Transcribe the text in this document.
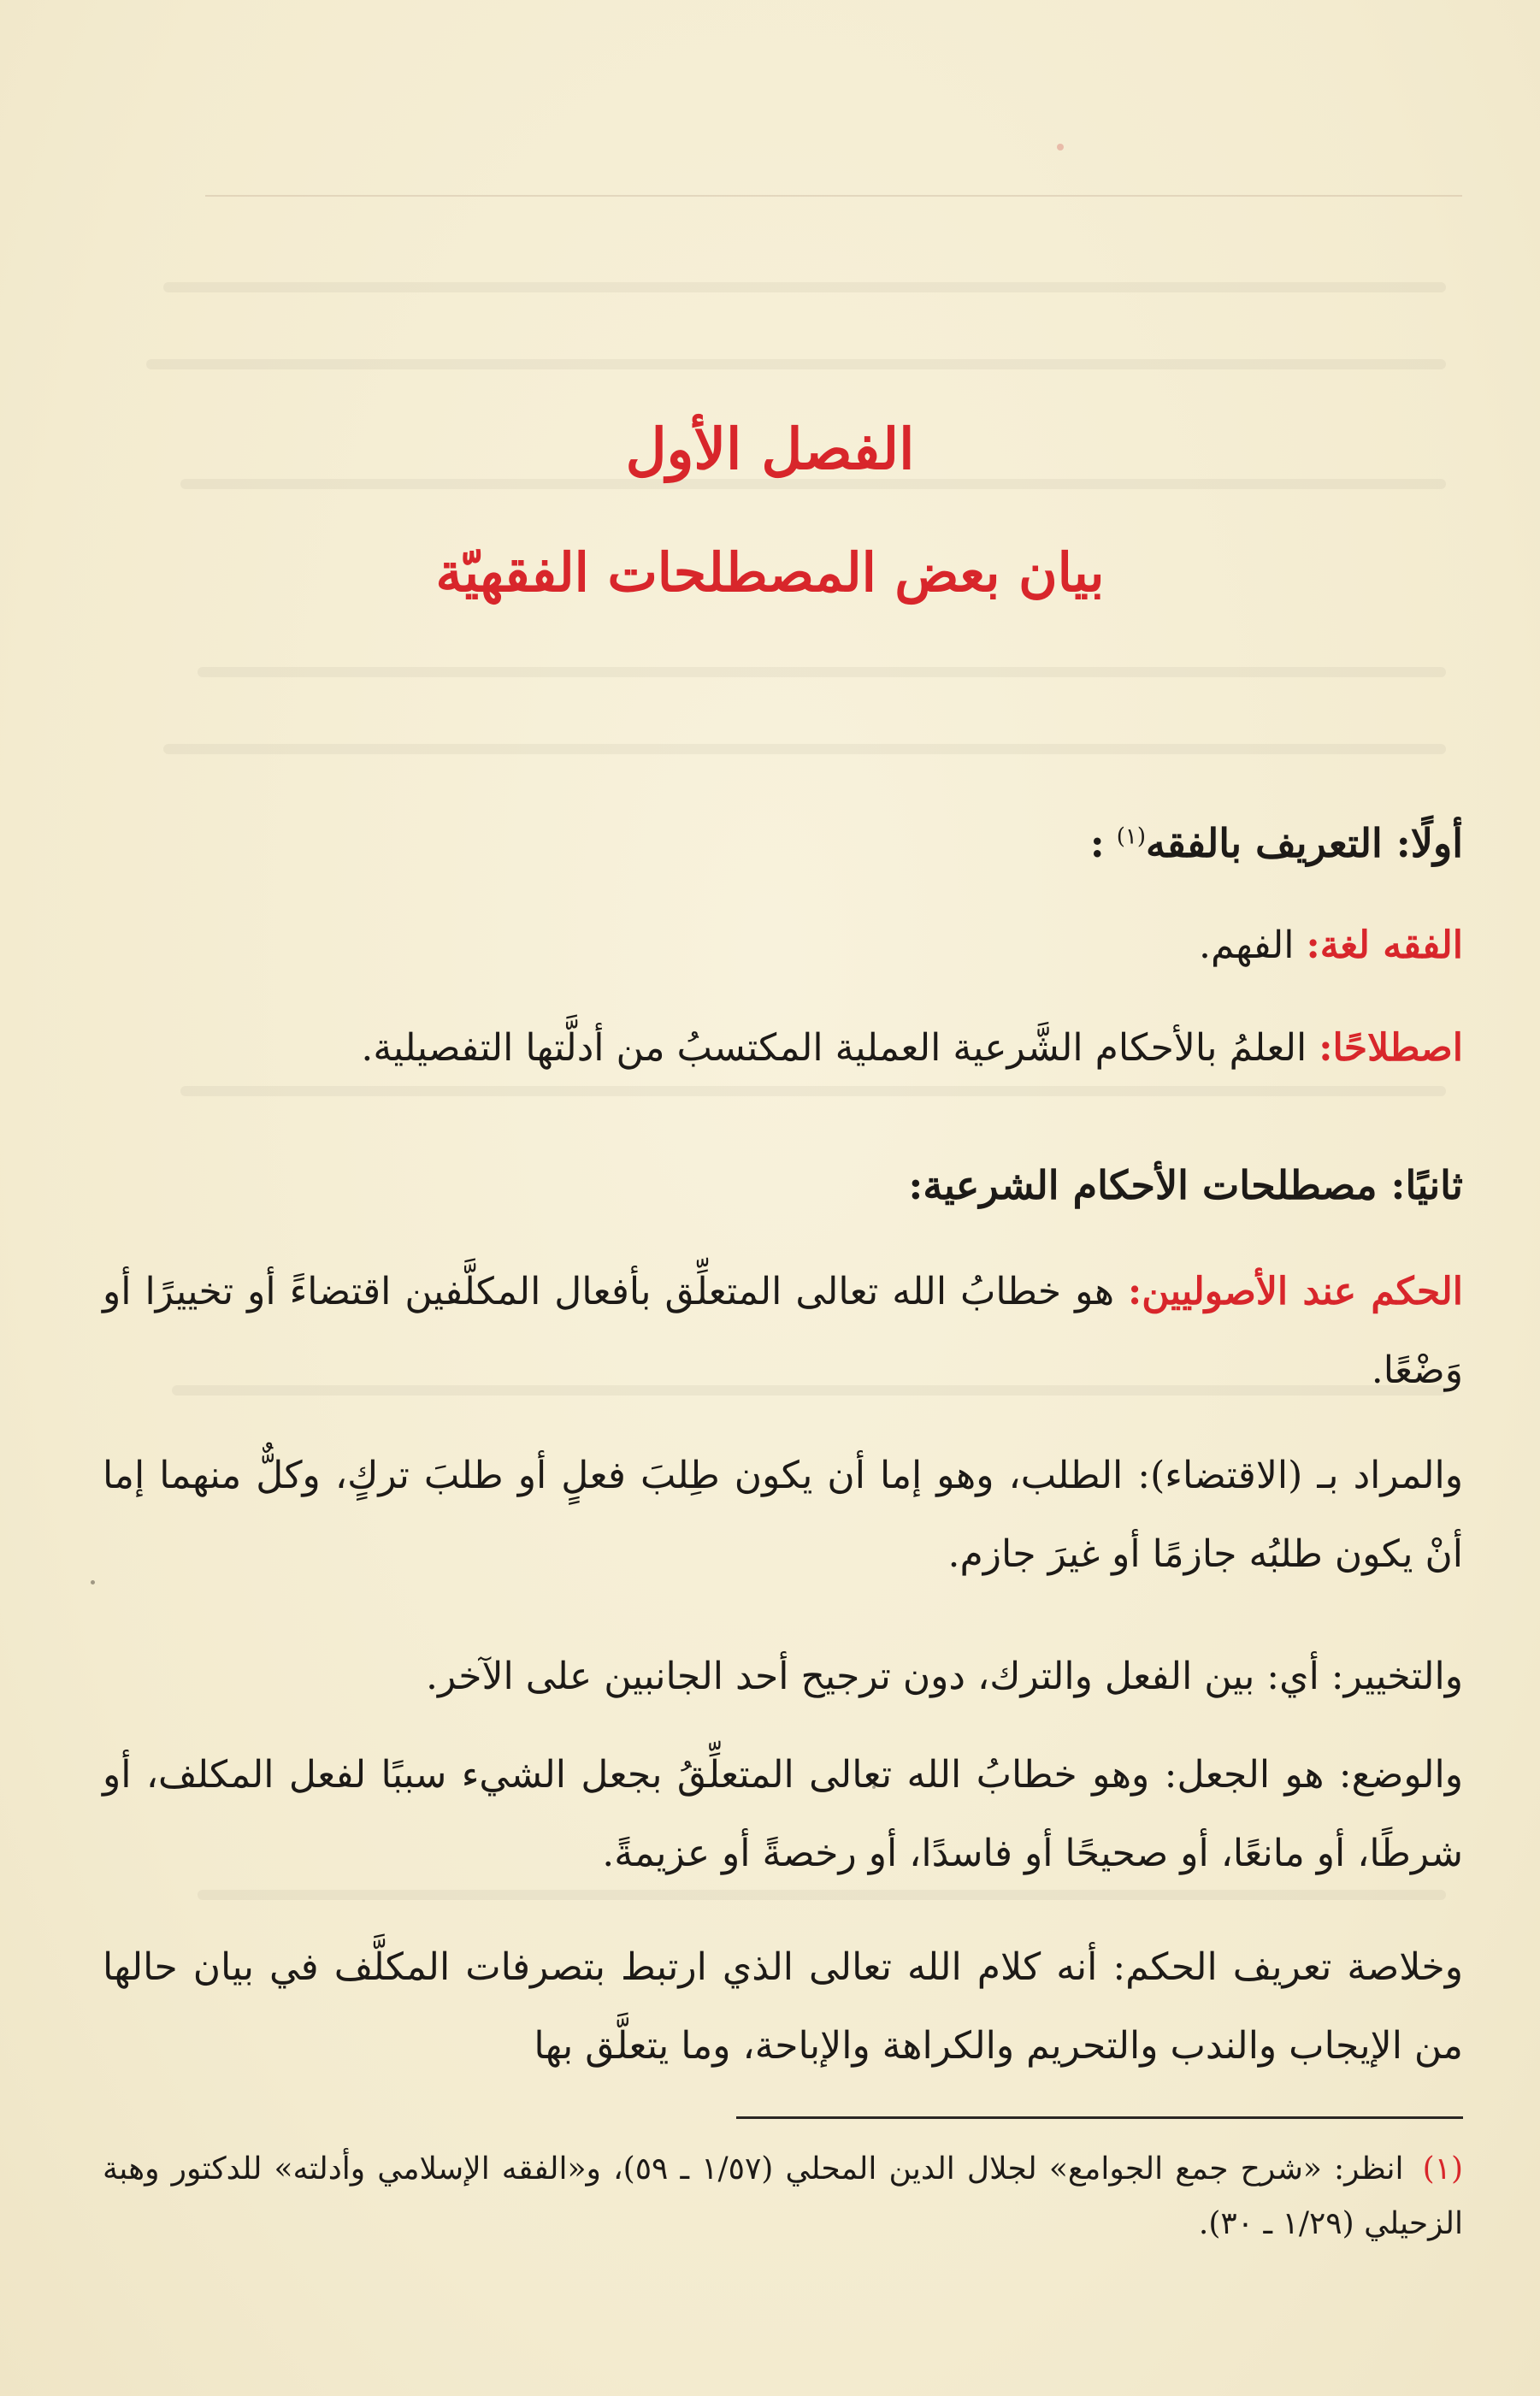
الفصل الأول
بيان بعض المصطلحات الفقهيّة
أولًا: التعريف بالفقه$^{(١)}$ :
الفقه لغة: الفهم.
اصطلاحًا: العلمُ بالأحكام الشَّرعية العملية المكتسبُ من أدلَّتها التفصيلية.
ثانيًا: مصطلحات الأحكام الشرعية:
الحكم عند الأصوليين: هو خطابُ الله تعالى المتعلِّق بأفعال المكلَّفين اقتضاءً أو تخييرًا أو وَضْعًا.
والمراد بـ (الاقتضاء): الطلب، وهو إما أن يكون طِلبَ فعلٍ أو طلبَ تركٍ، وكلٌّ منهما إما أنْ يكون طلبُه جازمًا أو غيرَ جازم.
والتخيير: أي: بين الفعل والترك، دون ترجيح أحد الجانبين على الآخر.
والوضع: هو الجعل: وهو خطابُ الله تعالى المتعلِّقُ بجعل الشيء سببًا لفعل المكلف، أو شرطًا، أو مانعًا، أو صحيحًا أو فاسدًا، أو رخصةً أو عزيمةً.
وخلاصة تعريف الحكم: أنه كلام الله تعالى الذي ارتبط بتصرفات المكلَّف في بيان حالها من الإيجاب والندب والتحريم والكراهة والإباحة، وما يتعلَّق بها
(١)انظر: «شرح جمع الجوامع» لجلال الدين المحلي (١/٥٧ ـ ٥٩)، و«الفقه الإسلامي وأدلته» للدكتور وهبة الزحيلي (١/٢٩ ـ ٣٠).
